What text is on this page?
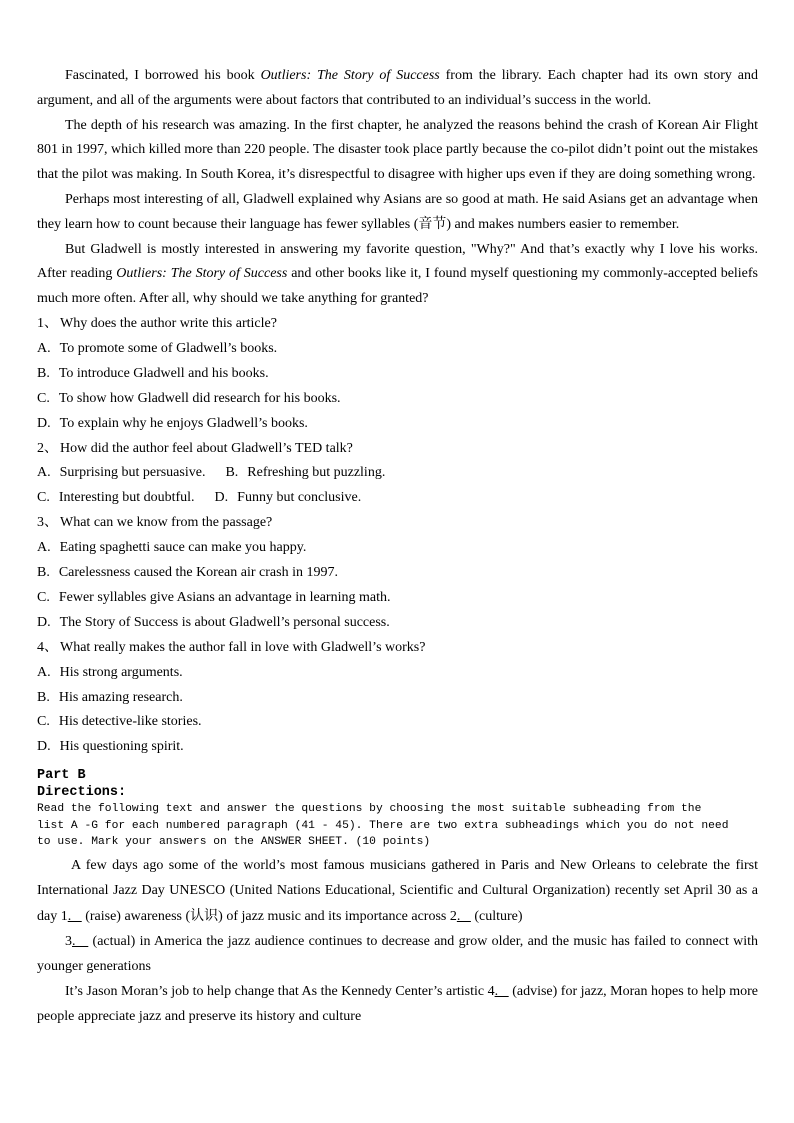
Fascinated, I borrowed his book Outliers: The Story of Success from the library. Each chapter had its own story and argument, and all of the arguments were about factors that contributed to an individual’s success in the world.

The depth of his research was amazing. In the first chapter, he analyzed the reasons behind the crash of Korean Air Flight 801 in 1997, which killed more than 220 people. The disaster took place partly because the co-pilot didn’t point out the mistakes that the pilot was making. In South Korea, it’s disrespectful to disagree with higher ups even if they are doing something wrong.

Perhaps most interesting of all, Gladwell explained why Asians are so good at math. He said Asians get an advantage when they learn how to count because their language has fewer syllables (音节) and makes numbers easier to remember.

But Gladwell is mostly interested in answering my favorite question, "Why?" And that’s exactly why I love his works. After reading Outliers: The Story of Success and other books like it, I found myself questioning my commonly-accepted beliefs much more often. After all, why should we take anything for granted?

1、 Why does the author write this article?

A. To promote some of Gladwell’s books.

B. To introduce Gladwell and his books.

C. To show how Gladwell did research for his books.

D. To explain why he enjoys Gladwell’s books.

2、 How did the author feel about Gladwell’s TED talk?

A. Surprising but persuasive. B. Refreshing but puzzling.

C. Interesting but doubtful. D. Funny but conclusive.

3、 What can we know from the passage?

A. Eating spaghetti sauce can make you happy.

B. Carelessness caused the Korean air crash in 1997.

C. Fewer syllables give Asians an advantage in learning math.

D. The Story of Success is about Gladwell’s personal success.

4、 What really makes the author fall in love with Gladwell’s works?

A. His strong arguments.

B. His amazing research.

C. His detective-like stories.

D. His questioning spirit.

Part B

Directions:

Read the following text and answer the questions by choosing the most suitable subheading from the

list A -G for each numbered paragraph (41 - 45). There are two extra subheadings which you do not need

to use. Mark your answers on the ANSWER SHEET. (10 points)

A few days ago some of the world’s most famous musicians gathered in Paris and New Orleans to celebrate the first International Jazz Day UNESCO (United Nations Educational, Scientific and Cultural Organization) recently set April 30 as a day 1.    (raise) awareness (认识) of jazz music and its importance across 2.    (culture)

3.    (actual) in America the jazz audience continues to decrease and grow older, and the music has failed to connect with younger generations

It’s Jason Moran’s job to help change that As the Kennedy Center’s artistic 4.    (advise) for jazz, Moran hopes to help more people appreciate jazz and preserve its history and culture
